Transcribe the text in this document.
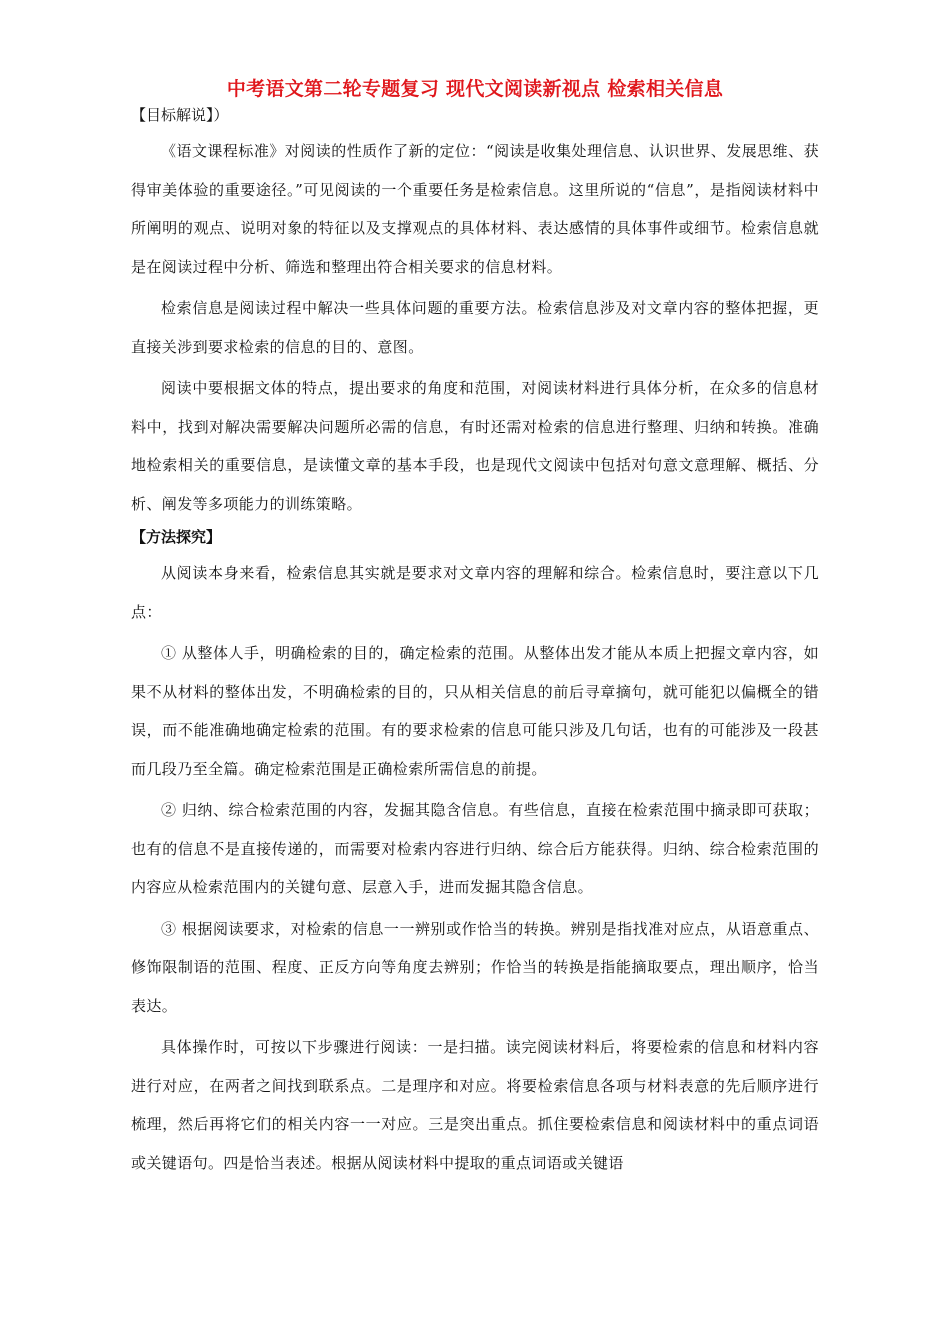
中考语文第二轮专题复习 现代文阅读新视点 检索相关信息

【目标解说】）

《语文课程标准》对阅读的性质作了新的定位：“阅读是收集处理信息、认识世界、发展思维、获得审美体验的重要途径。”可见阅读的一个重要任务是检索信息。这里所说的“信息”，是指阅读材料中所阐明的观点、说明对象的特征以及支撑观点的具体材料、表达感情的具体事件或细节。检索信息就是在阅读过程中分析、筛选和整理出符合相关要求的信息材料。

检索信息是阅读过程中解决一些具体问题的重要方法。检索信息涉及对文章内容的整体把握，更直接关涉到要求检索的信息的目的、意图。

阅读中要根据文体的特点，提出要求的角度和范围，对阅读材料进行具体分析，在众多的信息材料中，找到对解决需要解决问题所必需的信息，有时还需对检索的信息进行整理、归纳和转换。准确地检索相关的重要信息，是读懂文章的基本手段，也是现代文阅读中包括对句意文意理解、概括、分析、阐发等多项能力的训练策略。

【方法探究】

从阅读本身来看，检索信息其实就是要求对文章内容的理解和综合。检索信息时，要注意以下几点：

① 从整体人手，明确检索的目的，确定检索的范围。从整体出发才能从本质上把握文章内容，如果不从材料的整体出发，不明确检索的目的，只从相关信息的前后寻章摘句，就可能犯以偏概全的错误，而不能准确地确定检索的范围。有的要求检索的信息可能只涉及几句话，也有的可能涉及一段甚而几段乃至全篇。确定检索范围是正确检索所需信息的前提。

② 归纳、综合检索范围的内容，发掘其隐含信息。有些信息，直接在检索范围中摘录即可获取；也有的信息不是直接传递的，而需要对检索内容进行归纳、综合后方能获得。归纳、综合检索范围的内容应从检索范围内的关键句意、层意入手，进而发掘其隐含信息。

③ 根据阅读要求，对检索的信息一一辨别或作恰当的转换。辨别是指找准对应点，从语意重点、修饰限制语的范围、程度、正反方向等角度去辨别；作恰当的转换是指能摘取要点，理出顺序，恰当表达。

具体操作时，可按以下步骤进行阅读：一是扫描。读完阅读材料后，将要检索的信息和材料内容进行对应，在两者之间找到联系点。二是理序和对应。将要检索信息各项与材料表意的先后顺序进行梳理，然后再将它们的相关内容一一对应。三是突出重点。抓住要检索信息和阅读材料中的重点词语或关键语句。四是恰当表述。根据从阅读材料中提取的重点词语或关键语
